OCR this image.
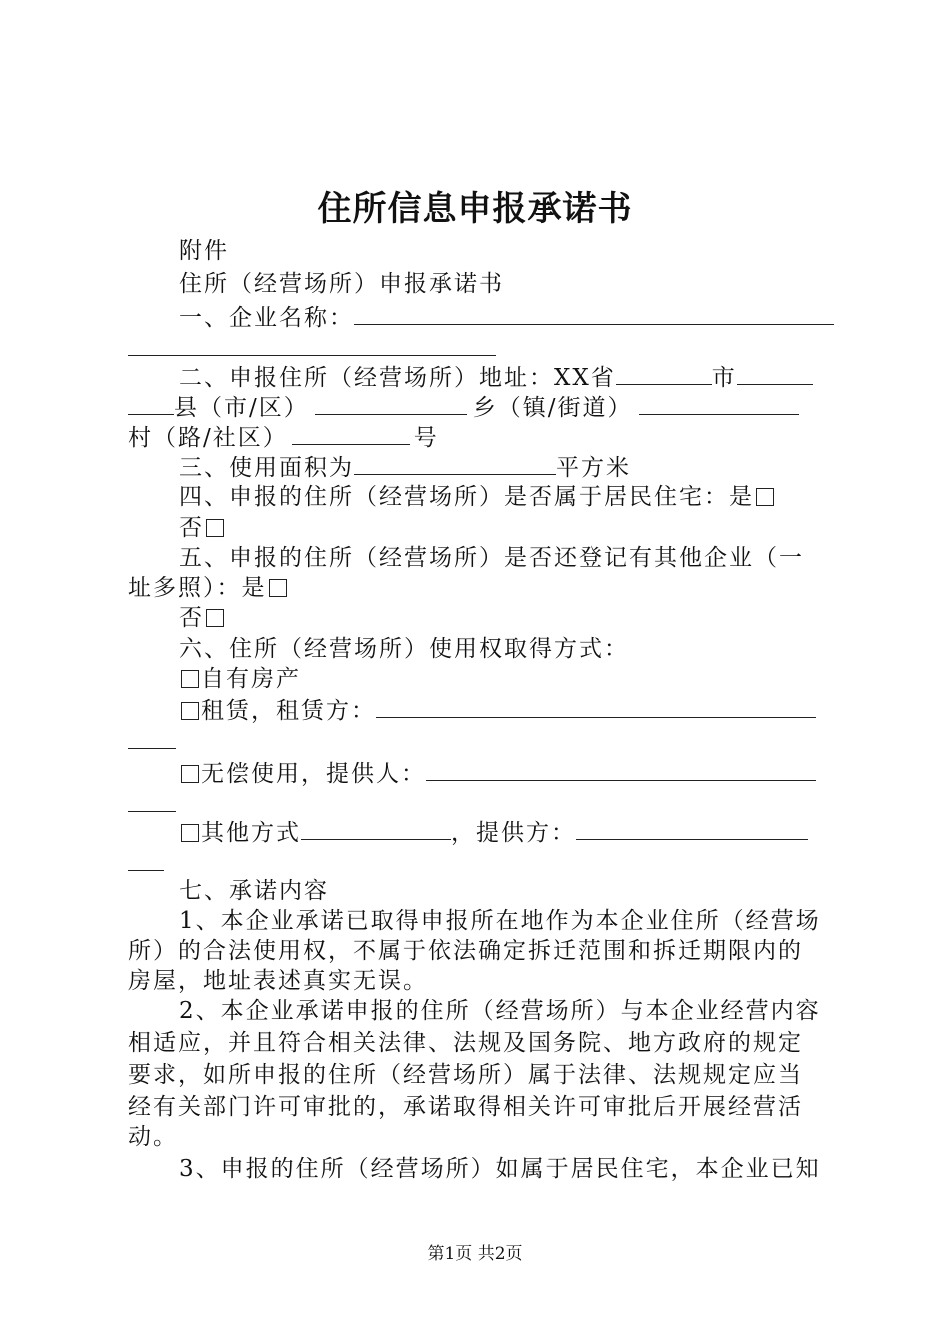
住所信息申报承诺书
附件
住所（经营场所）申报承诺书
一、企业名称：
二、申报住所（经营场所）地址：XX省	市
县（市/区）	乡（镇/街道）
村（路/社区）	号
三、使用面积为	平方米
四、申报的住所（经营场所）是否属于居民住宅：是
否
五、申报的住所（经营场所）是否还登记有其他企业（一
址多照）：是
否
六、住所（经营场所）使用权取得方式：
自有房产
租赁，租赁方：
无偿使用，提供人：
其他方式	，提供方：
七、承诺内容
1、本企业承诺已取得申报所在地作为本企业住所（经营场
所）的合法使用权，不属于依法确定拆迁范围和拆迁期限内的
房屋，地址表述真实无误。
2、本企业承诺申报的住所（经营场所）与本企业经营内容
相适应，并且符合相关法律、法规及国务院、地方政府的规定
要求，如所申报的住所（经营场所）属于法律、法规规定应当
经有关部门许可审批的，承诺取得相关许可审批后开展经营活
动。
3、申报的住所（经营场所）如属于居民住宅，本企业已知
第1页 共2页
